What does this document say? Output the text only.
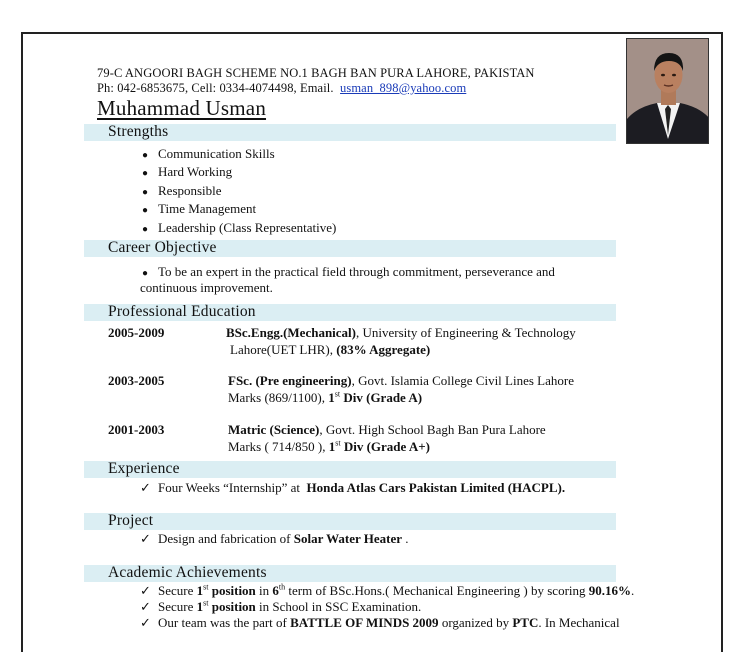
79-C ANGOORI BAGH SCHEME NO.1 BAGH BAN PURA LAHORE, PAKISTAN
Ph: 042-6853675, Cell: 0334-4074498, Email. usman_898@yahoo.com
Muhammad Usman
Strengths
● Communication Skills
● Hard Working
● Responsible
● Time Management
● Leadership (Class Representative)
Career Objective
● To be an expert in the practical field through commitment, perseverance and
continuous improvement.
Professional Education
2005-2009	BSc.Engg.(Mechanical), University of Engineering & Technology
Lahore(UET LHR), (83% Aggregate)
2003-2005	FSc. (Pre engineering), Govt. Islamia College Civil Lines Lahore
Marks (869/1100), 1st Div (Grade A)
2001-2003	Matric (Science), Govt. High School Bagh Ban Pura Lahore
Marks ( 714/850 ), 1st Div (Grade A+)
Experience
✓ Four Weeks “Internship” at Honda Atlas Cars Pakistan Limited (HACPL).
Project
✓ Design and fabrication of Solar Water Heater .
Academic Achievements
✓ Secure 1st position in 6th term of BSc.Hons.( Mechanical Engineering ) by scoring 90.16%.
✓ Secure 1st position in School in SSC Examination.
✓ Our team was the part of BATTLE OF MINDS 2009 organized by PTC. In Mechanical
